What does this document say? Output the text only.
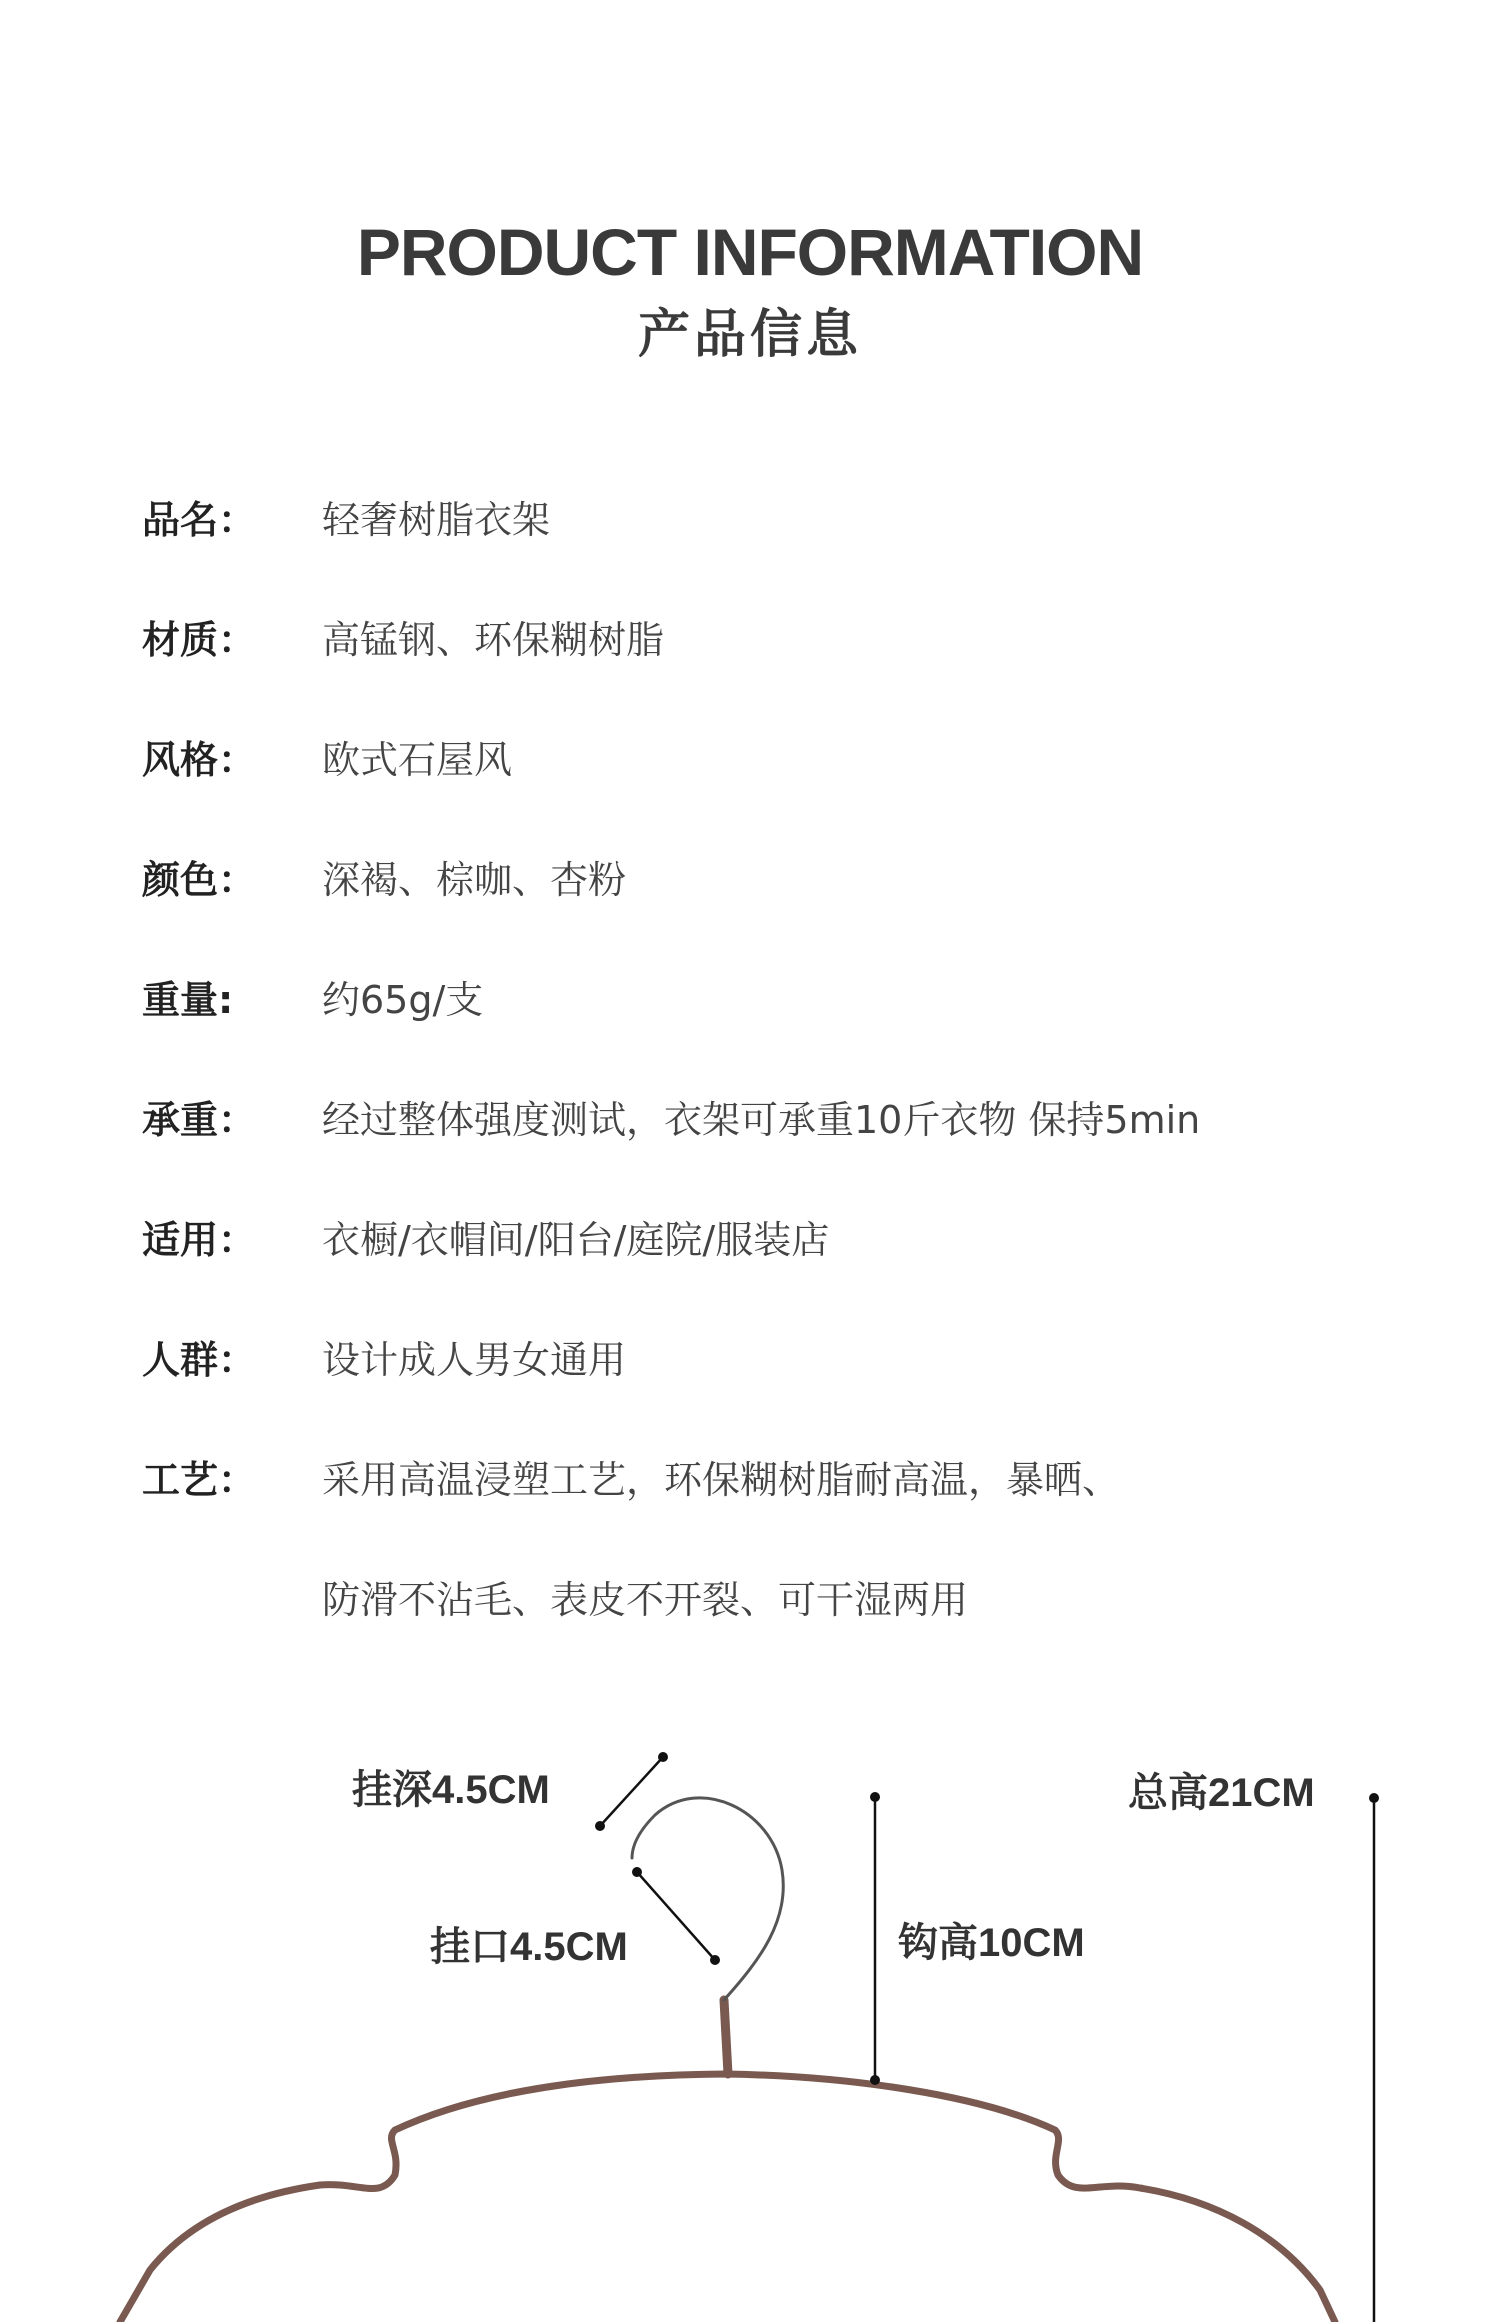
PRODUCT INFORMATION
产品信息
品名： 轻奢树脂衣架
材质： 高锰钢、环保糊树脂
风格： 欧式石屋风
颜色： 深褐、棕咖、杏粉
重量: 约65g/支
承重： 经过整体强度测试，衣架可承重10斤衣物 保持5min
适用： 衣橱/衣帽间/阳台/庭院/服装店
人群： 设计成人男女通用
工艺： 采用高温浸塑工艺，环保糊树脂耐高温，暴晒、
防滑不沾毛、表皮不开裂、可干湿两用
挂深4.5CM
挂口4.5CM	钩高10CM
总高21CM
